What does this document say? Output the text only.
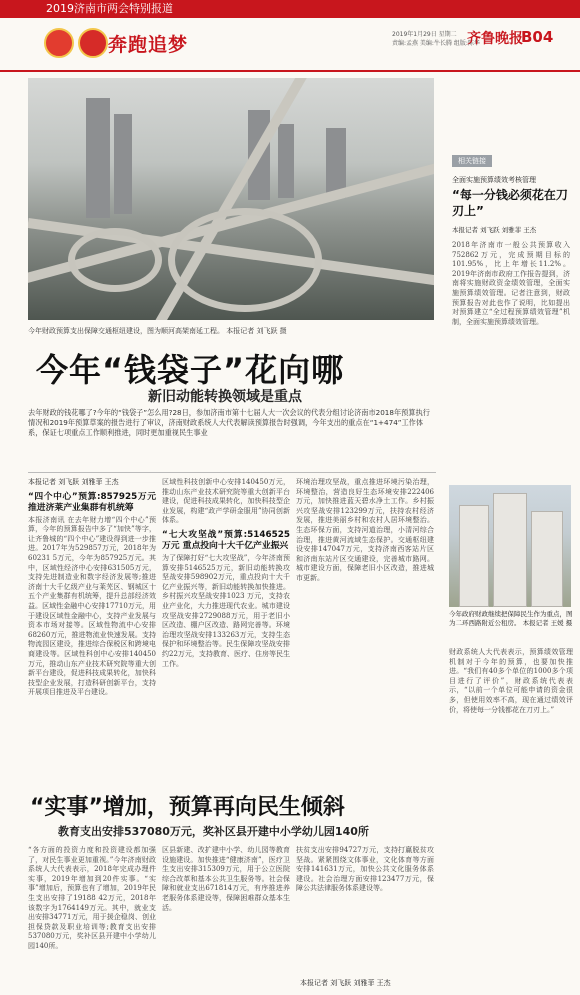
2019济南市两会特别报道
奔跑追梦	2019年1月29日 星期二
责编:孟燕 美编:牛长腾 组版:陈华
齐鲁晚报
B04
今年财政预算支出保障交通枢纽建设，图为顺河高架南延工程。 本报记者 刘飞跃 摄
今年“钱袋子”花向哪
新旧动能转换领域是重点
去年财政的钱花哪了?今年的“钱袋子”怎么用?28日，参加济南市第十七届人大一次会议的代表分组讨论济南市2018年预算执行情况和2019年预算草案的报告进行了审议，济南财政系统人大代表解读预算报告时强调，今年支出的重点在“1+474”工作体系，保证七项重点工作顺利推进，同时更加重视民生事业
本报记者 刘飞跃 刘雅菲 王杰
“四个中心”预算:857925万元 推进济莱产业集群有机统筹
本报济南讯 在去年财力增“四个中心”预算，今年的预算报告中多了“加快”等字，让齐鲁城的“四个中心”建设得到进一步推进。2017年为529857万元，2018年为60231 5万元，今年为857925万元。其中，区域性经济中心安排631505万元，支持先进制造业和数字经济发展等;推进济南十大千亿级产业与莱芜区、钢城区十五个产业集群有机统筹，提升总部经济效益。区域性金融中心安排17710万元，用于建设区域性金融中心，支持产业发展与资本市场对接等。区域性物流中心安排68260万元，推进物流业快速发展。支持物流园区建设，推进综合保税区和跨境电商建设等。区域性科创中心安排140450万元，推动山东产业技术研究院等重大创新平台建设，促进科技成果转化，加快科技型企业发展，打造科研创新平台，支持开展项目推进及平台建设。
区域性科技创新中心安排140450万元，推动山东产业技术研究院等重大创新平台建设，促进科技成果转化，加快科技型企业发展，构建“政产学研金服用”协同创新体系。
“七大攻坚战”预算:5146525万元 重点投向十大千亿产业振兴
为了保障打好“七大攻坚战”，今年济南预算安排5146525万元，新旧动能转换攻坚战安排598902万元，重点投向十大千亿产业振兴等，新旧动能转换加快推进。乡村振兴攻坚战安排1023 万元，支持农业产业化，大力推进现代农业。城市建设攻坚战安排2729088万元，用于老旧小区改造、棚户区改造、路网完善等。环境治理攻坚战安排133263万元，支持生态保护和环境整治等。民生保障攻坚战安排约22万元，支持教育、医疗、住房等民生工作。
环境治理攻坚战，重点推进环境污染治理，环境整治，营造良好生态环境安排222406万元，加快推进蓝天碧水净土工作。乡村振兴攻坚战安排123299万元，扶持农村经济发展，推进美丽乡村和农村人居环境整治。生态环保方面，支持河道治理，小清河综合治理，推进黄河流域生态保护。交通枢纽建设安排147047万元，支持济南西客站片区和济南东站片区交通建设，完善城市路网。城市建设方面，保障老旧小区改造，推进城市更新。
“实事”增加，预算再向民生倾斜
教育支出安排537080万元，奖补区县开建中小学幼儿园140所
“各方面的投资力度和投资建设都加强了，对民生事业更加重视。”今年济南财政系统人大代表表示，2018年完成办理件实事，2019年增加到20件实事。“实事”增加后，预算也有了增加，2019年民生支出安排了19188 42万元，2018年该数字为1764149万元。其中，就业支出安排34771万元，用于援企稳岗、创业担保贷款及职业培训等;教育支出安排537080万元，奖补区县开建中小学幼儿园140所。
区县新建、改扩建中小学、幼儿园等教育设施建设。加快推进“健康济南”，医疗卫生支出安排315309万元，用于公立医院综合改革和基本公共卫生服务等。社会保障和就业支出671814万元，有序推进养老服务体系建设等，保障困难群众基本生活。
扶贫支出安排94727万元，支持打赢脱贫攻坚战。紧紧围绕文体事业，文化体育等方面安排141631万元，加快公共文化服务体系建设。社会治理方面安排123477万元，保障公共法律服务体系建设等。
本报记者 刘飞跃 刘雅菲 王杰
相关链接
全面实施预算绩效考核管理
“每一分钱必须花在刀刃上”
本报记者 刘飞跃 刘雅菲 王杰
2018年济南市一般公共预算收入752862万元，完成预期目标的101.95%，比上年增长11.2%。2019年济南市政府工作报告提到，济南将实施财政资金绩效管理，全面实施预算绩效管理。记者注意到，财政预算报告对此也作了说明，比如提出对预算建立“全过程预算绩效管理”机制，全面实施预算绩效管理。
今年政府财政继续把保障民生作为重点，图为二环西路附近公租房。 本报记者 王媛 摄
财政系统人大代表表示，预算绩效管理机制对于今年的预算，也要加快推进。“我们有40多个单位的1000多个项目进行了评价”，财政系统代表表示，“以前一个单位可能申请的资金很多，但使用效率不高，现在通过绩效评价，将使每一分钱都花在刀刃上。”
